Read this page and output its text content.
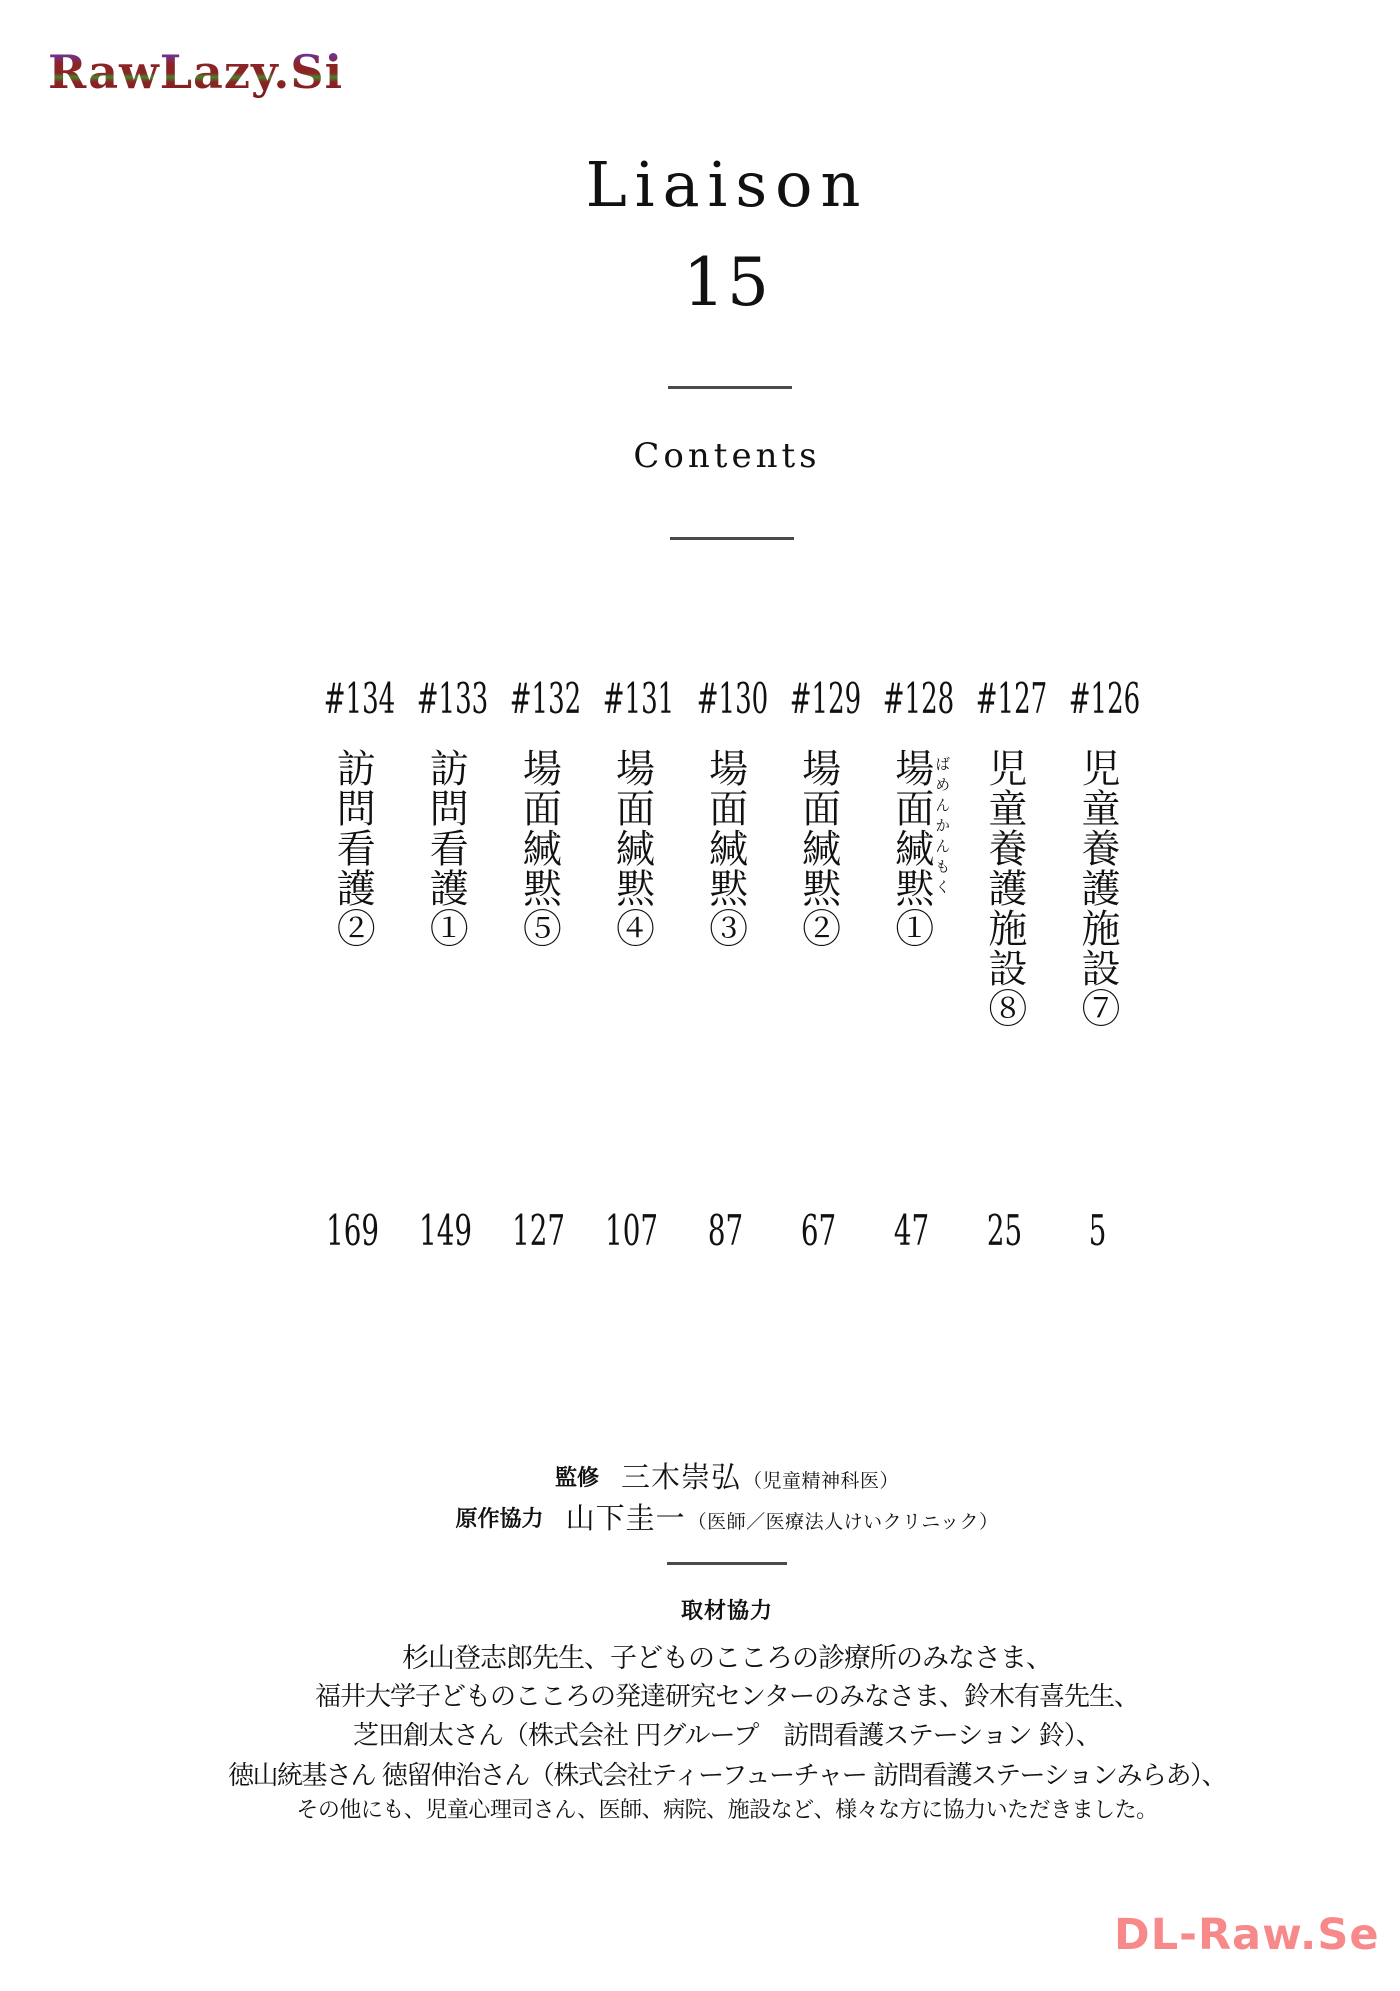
RawLazy.Si
Liaison
15
Contents
#126
児童養護施設⑦
5
#127
児童養護施設⑧
25
#128
場面緘黙① ばめんかんもく
47
#129
場面緘黙②
67
#130
場面緘黙③
87
#131
場面緘黙④
107
#132
場面緘黙⑤
127
#133
訪問看護①
149
#134
訪問看護②
169
監修 三木崇弘 （児童精神科医）
原作協力 山下圭一 （医師／医療法人けいクリニック）
取材協力
杉山登志郎先生、子どものこころの診療所のみなさま、
福井大学子どものこころの発達研究センターのみなさま、鈴木有喜先生、
芝田創太さん（株式会社 円グループ　訪問看護ステーション 鈴）、
徳山統基さん 徳留伸治さん（株式会社ティーフューチャー 訪問看護ステーションみらあ）、
その他にも、児童心理司さん、医師、病院、施設など、様々な方に協力いただきました。
DL-Raw.Se
